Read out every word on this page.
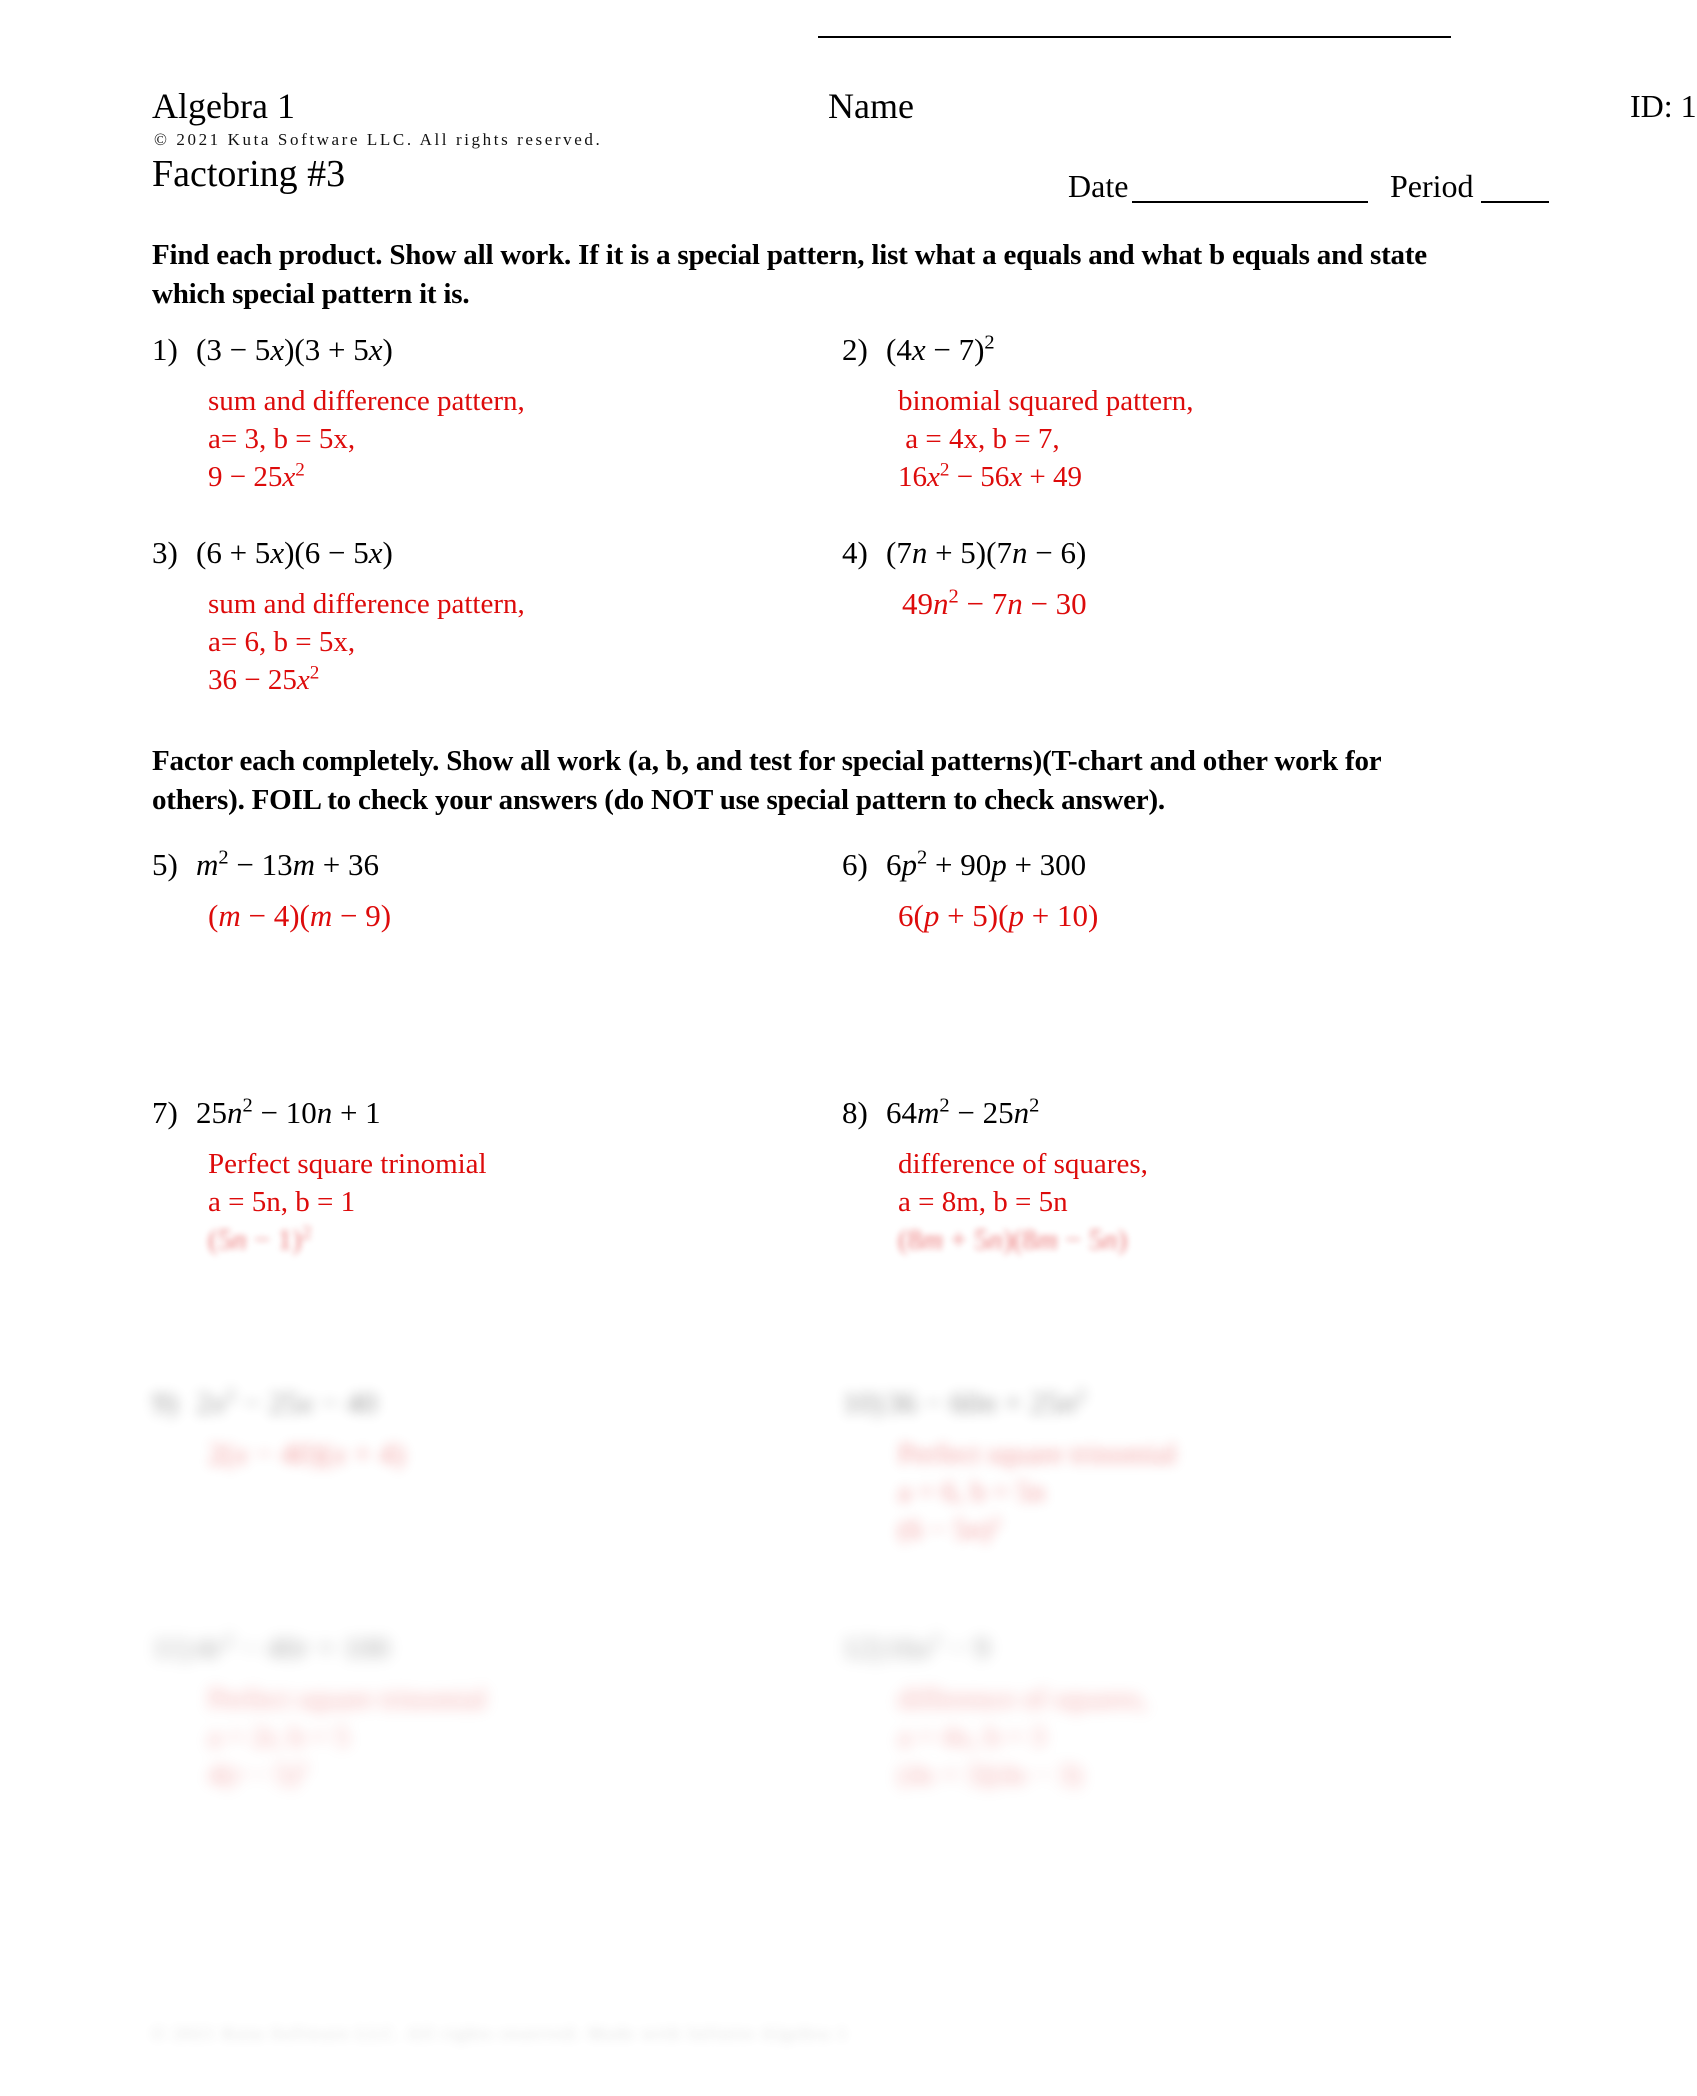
Algebra 1
© 2021 Kuta Software LLC. All rights reserved.
Factoring #3
Name	ID: 1
Date	Period
Find each product. Show all work. If it is a special pattern, list what a equals and what b equals and state which special pattern it is.
1) (3 − 5x)(3 + 5x)
sum and difference pattern,
a= 3, b = 5x,
$9 - 25x^2$
2) $(4x - 7)^2$
binomial squared pattern,
a = 4x, b = 7,
$16x^2 - 56x + 49$
3) (6 + 5x)(6 − 5x)
sum and difference pattern,
a= 6, b = 5x,
$36 - 25x^2$
4) (7n + 5)(7n − 6)
$49n^2 - 7n - 30$
Factor each completely. Show all work (a, b, and test for special patterns)(T-chart and other work for others). FOIL to check your answers (do NOT use special pattern to check answer).
5) $m^2 - 13m + 36$
(m − 4)(m − 9)
6) $6p^2 + 90p + 300$
6(p + 5)(p + 10)
7) $25n^2 - 10n + 1$
Perfect square trinomial
a = 5n, b = 1
$(5n - 1)^2$
8) $64m^2 - 25n^2$
difference of squares,
a = 8m, b = 5n
(8m + 5n)(8m − 5n)
9) $2x^2 - 25x - 40$
2(x − 40)(x + 4)
$10)36 - 60n + 25n^2$
Perfect square trinomial
a = 6, b = 5n
$(6 - 5n)^2$
11) $4r^2 - 40r + 100$
Perfect square trinomial
a = 2r, b = 5
$4(r - 5)^2$
$12)16x^2 - 9$
difference of squares,
a = 4x, b = 3
(4x + 3)(4x − 3)
© 2021 Kuta Software LLC. All rights reserved. Made with Infinite Algebra 1
